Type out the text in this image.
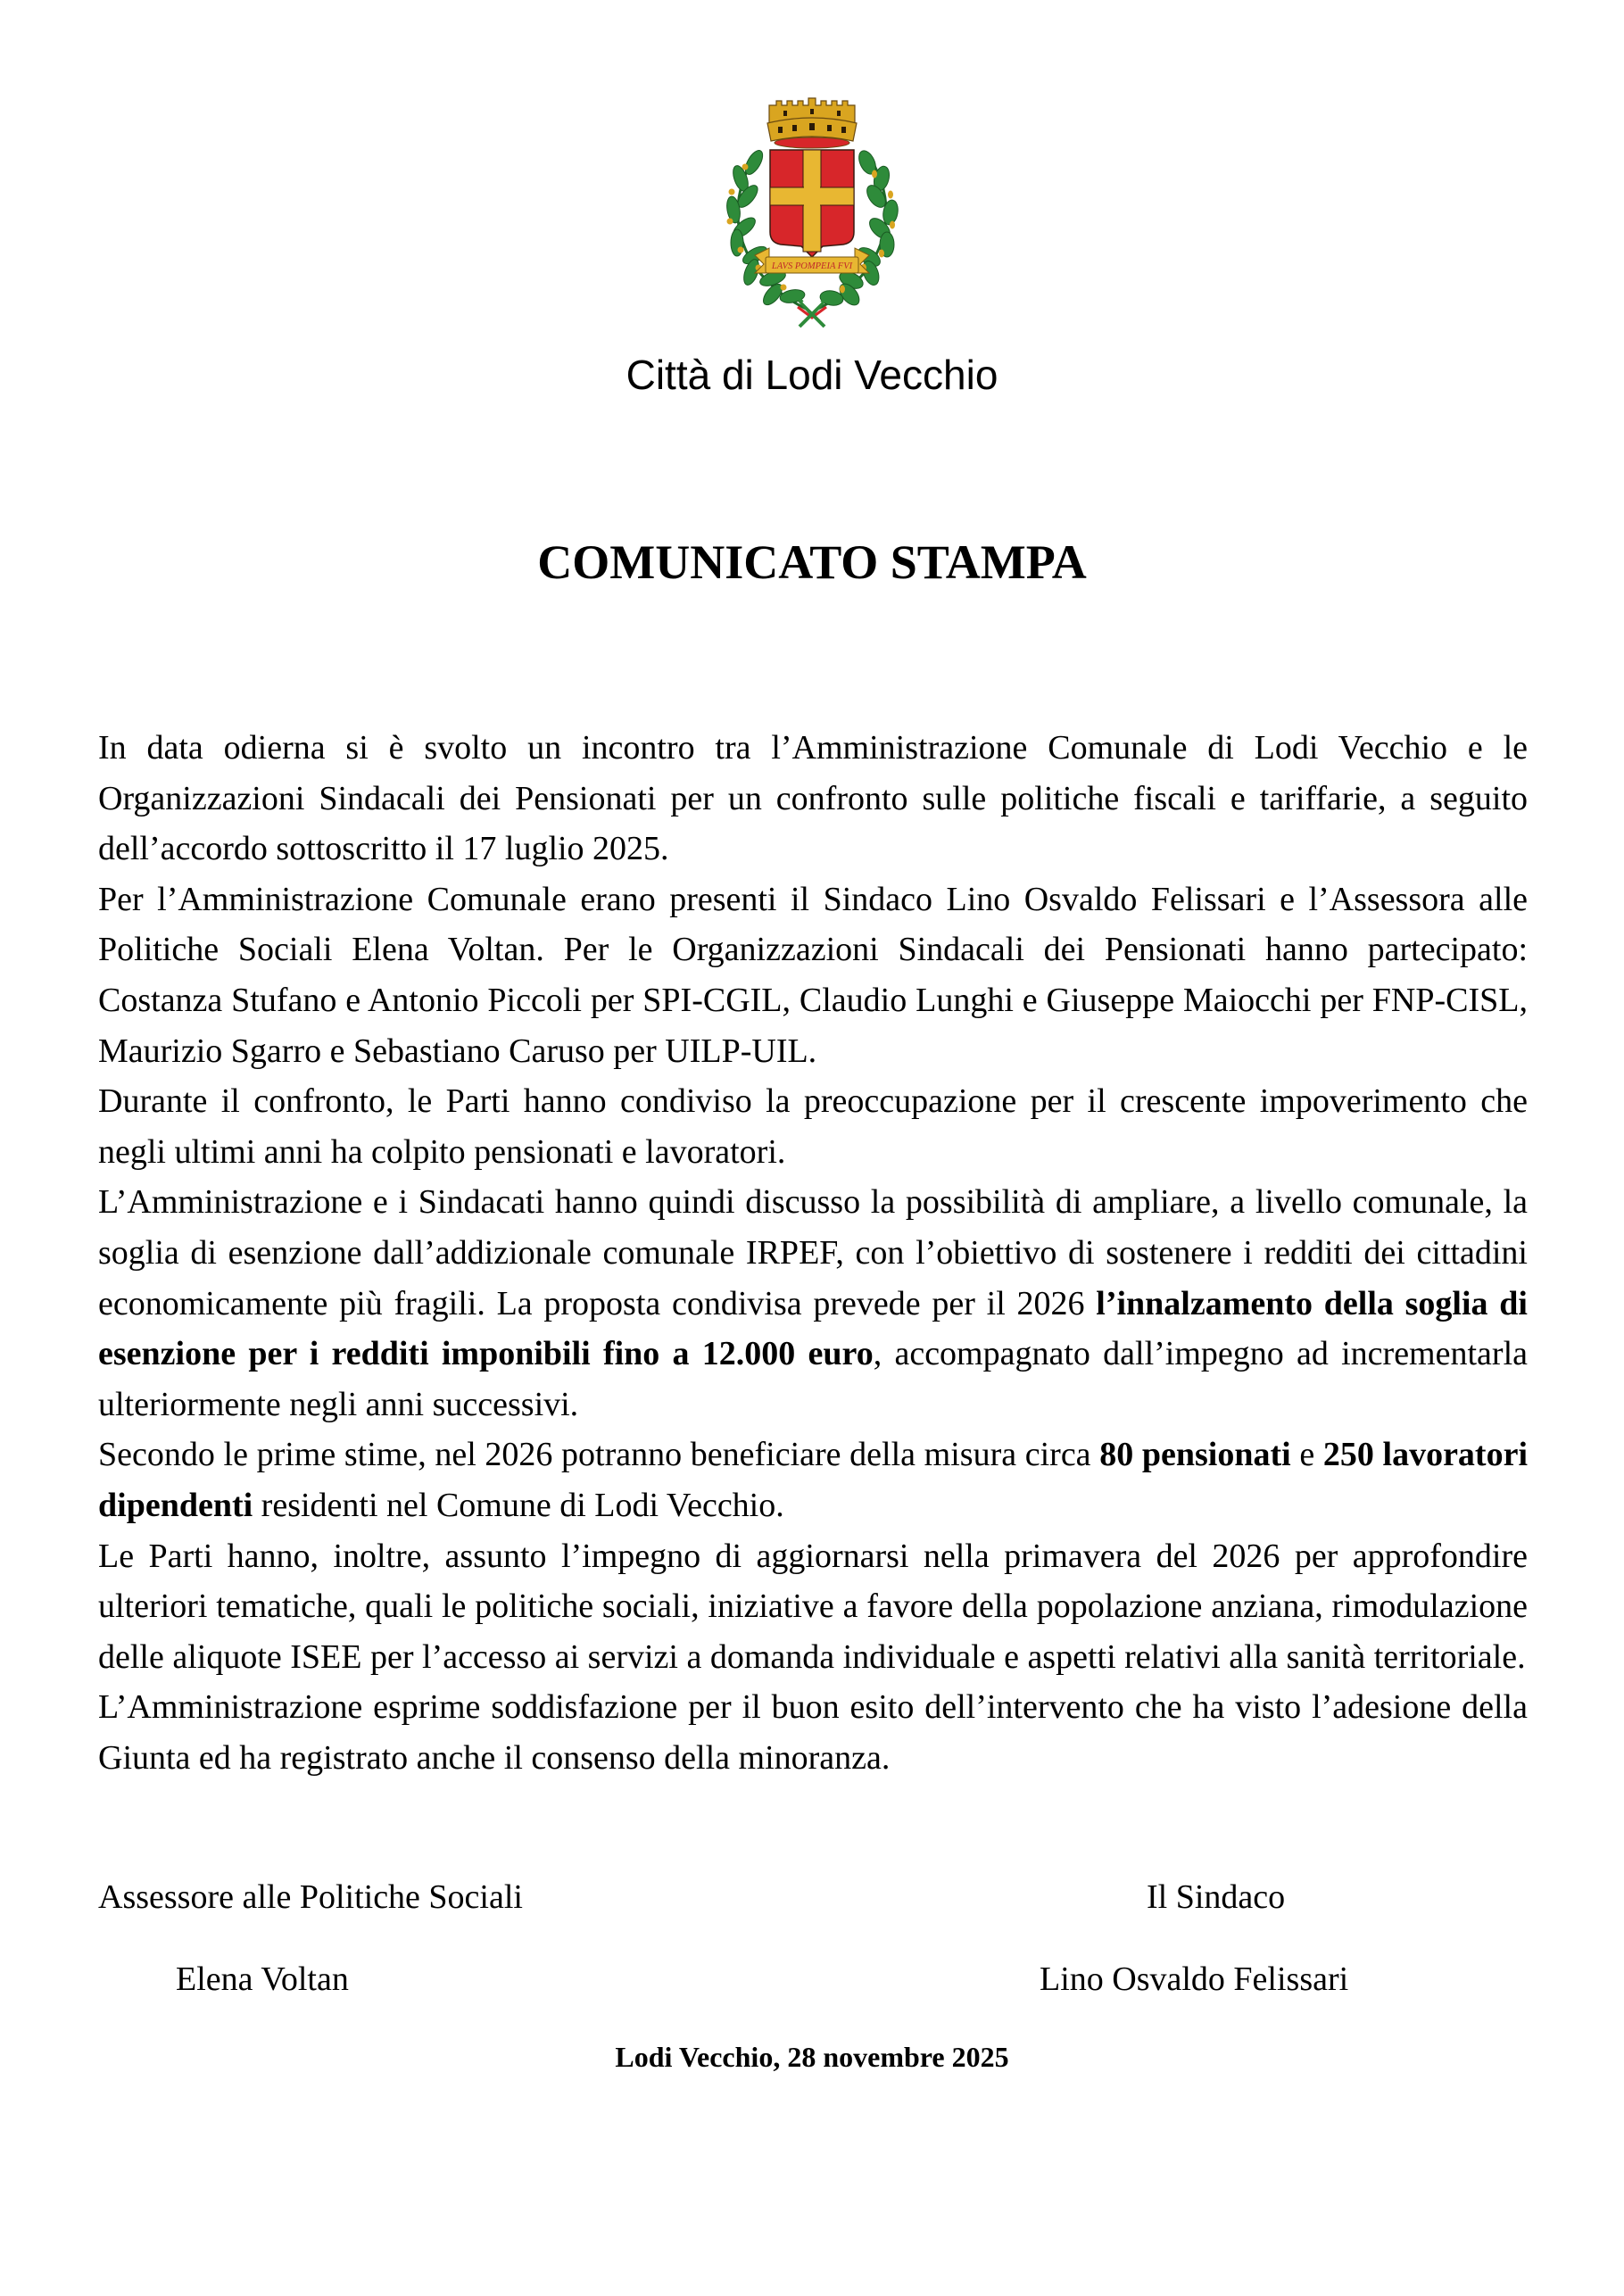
LAVS POMPEIA FVI
Città di Lodi Vecchio
COMUNICATO STAMPA

In data odierna si è svolto un incontro tra l’Amministrazione Comunale di Lodi Vecchio e le Organizzazioni Sindacali dei Pensionati per un confronto sulle politiche fiscali e tariffarie, a seguito dell’accordo sottoscritto il 17 luglio 2025.

Per l’Amministrazione Comunale erano presenti il Sindaco Lino Osvaldo Felissari e l’Assessora alle Politiche Sociali Elena Voltan. Per le Organizzazioni Sindacali dei Pensionati hanno partecipato: Costanza Stufano e Antonio Piccoli per SPI-CGIL, Claudio Lunghi e Giuseppe Maiocchi per FNP-CISL, Maurizio Sgarro e Sebastiano Caruso per UILP-UIL.

Durante il confronto, le Parti hanno condiviso la preoccupazione per il crescente impoverimento che negli ultimi anni ha colpito pensionati e lavoratori.

L’Amministrazione e i Sindacati hanno quindi discusso la possibilità di ampliare, a livello comunale, la soglia di esenzione dall’addizionale comunale IRPEF, con l’obiettivo di sostenere i redditi dei cittadini economicamente più fragili. La proposta condivisa prevede per il 2026 l’innalzamento della soglia di esenzione per i redditi imponibili fino a 12.000 euro, accompagnato dall’impegno ad incrementarla ulteriormente negli anni successivi.

Secondo le prime stime, nel 2026 potranno beneficiare della misura circa 80 pensionati e 250 lavoratori dipendenti residenti nel Comune di Lodi Vecchio.

Le Parti hanno, inoltre, assunto l’impegno di aggiornarsi nella primavera del 2026 per approfondire ulteriori tematiche, quali le politiche sociali, iniziative a favore della popolazione anziana, rimodulazione delle aliquote ISEE per l’accesso ai servizi a domanda individuale e aspetti relativi alla sanità territoriale.

L’Amministrazione esprime soddisfazione per il buon esito dell’intervento che ha visto l’adesione della Giunta ed ha registrato anche il consenso della minoranza.

Assessore alle Politiche Sociali
Elena Voltan
Il Sindaco
Lino Osvaldo Felissari
Lodi Vecchio, 28 novembre 2025
